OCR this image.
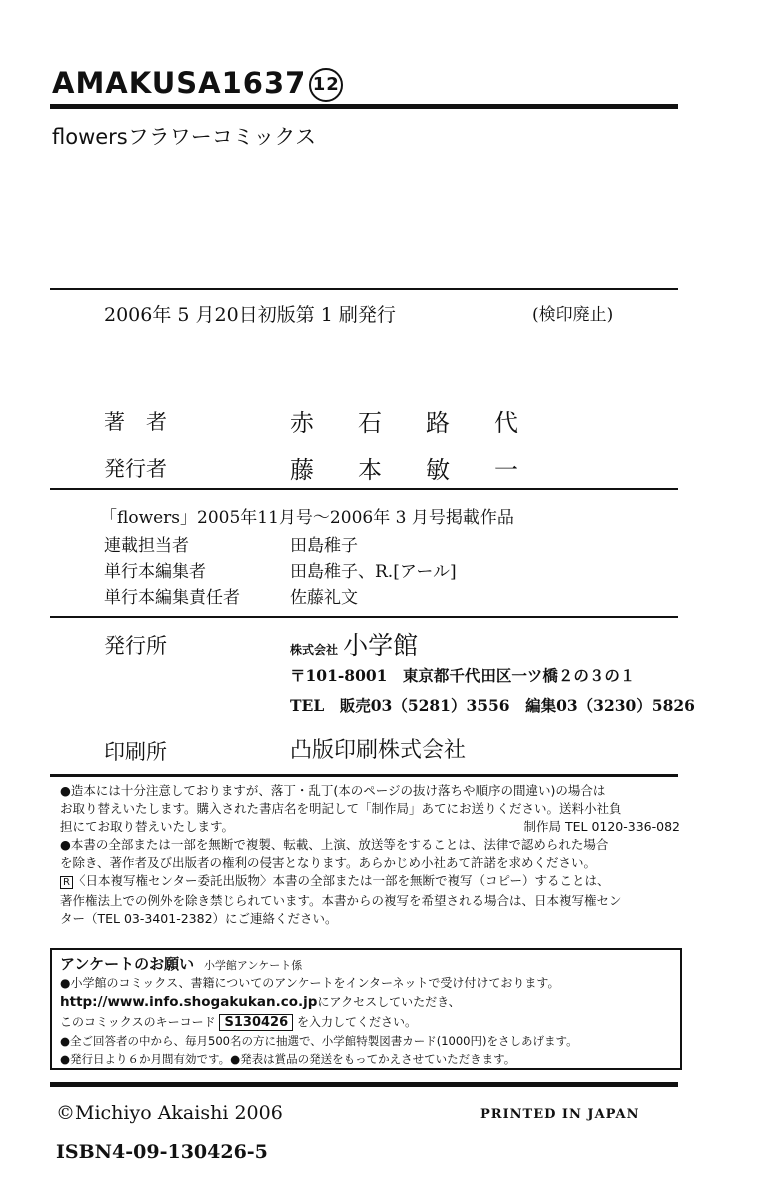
AMAKUSA1637 12
flowersフラワーコミックス
2006年 5 月20日初版第 1 刷発行	(検印廃止)
著　者	赤　石　路　代
発行者	藤　本　敏　一
「flowers」2005年11月号～2006年 3 月号掲載作品
連載担当者	田島稚子
単行本編集者	田島稚子、R.[アール]
単行本編集責任者	佐藤礼文
発行所	株式会社 小学館
〒101-8001　東京都千代田区一ツ橋２の３の１
TEL　販売03（5281）3556　編集03（3230）5826
印刷所	凸版印刷株式会社

●造本には十分注意しておりますが、落丁・乱丁(本のページの抜け落ちや順序の間違い)の場合は

お取り替えいたします。購入された書店名を明記して「制作局」あてにお送りください。送料小社負

担にてお取り替えいたします。	制作局 TEL 0120-336-082

●本書の全部または一部を無断で複製、転載、上演、放送等をすることは、法律で認められた場合

を除き、著作者及び出版者の権利の侵害となります。あらかじめ小社あて許諾を求めください。

R 〈日本複写権センター委託出版物〉本書の全部または一部を無断で複写（コピー）することは、

著作権法上での例外を除き禁じられています。本書からの複写を希望される場合は、日本複写権セン

ター（TEL 03-3401-2382）にご連絡ください。

アンケートのお願い 小学館アンケート係
●小学館のコミックス、書籍についてのアンケートをインターネットで受け付けております。
http://www.info.shogakukan.co.jpにアクセスしていただき、
このコミックスのキーコード S130426 を入力してください。
●全ご回答者の中から、毎月500名の方に抽選で、小学館特製図書カード(1000円)をさしあげます。
●発行日より６か月間有効です。●発表は賞品の発送をもってかえさせていただきます。
©Michiyo Akaishi 2006	PRINTED IN JAPAN
ISBN4-09-130426-5
